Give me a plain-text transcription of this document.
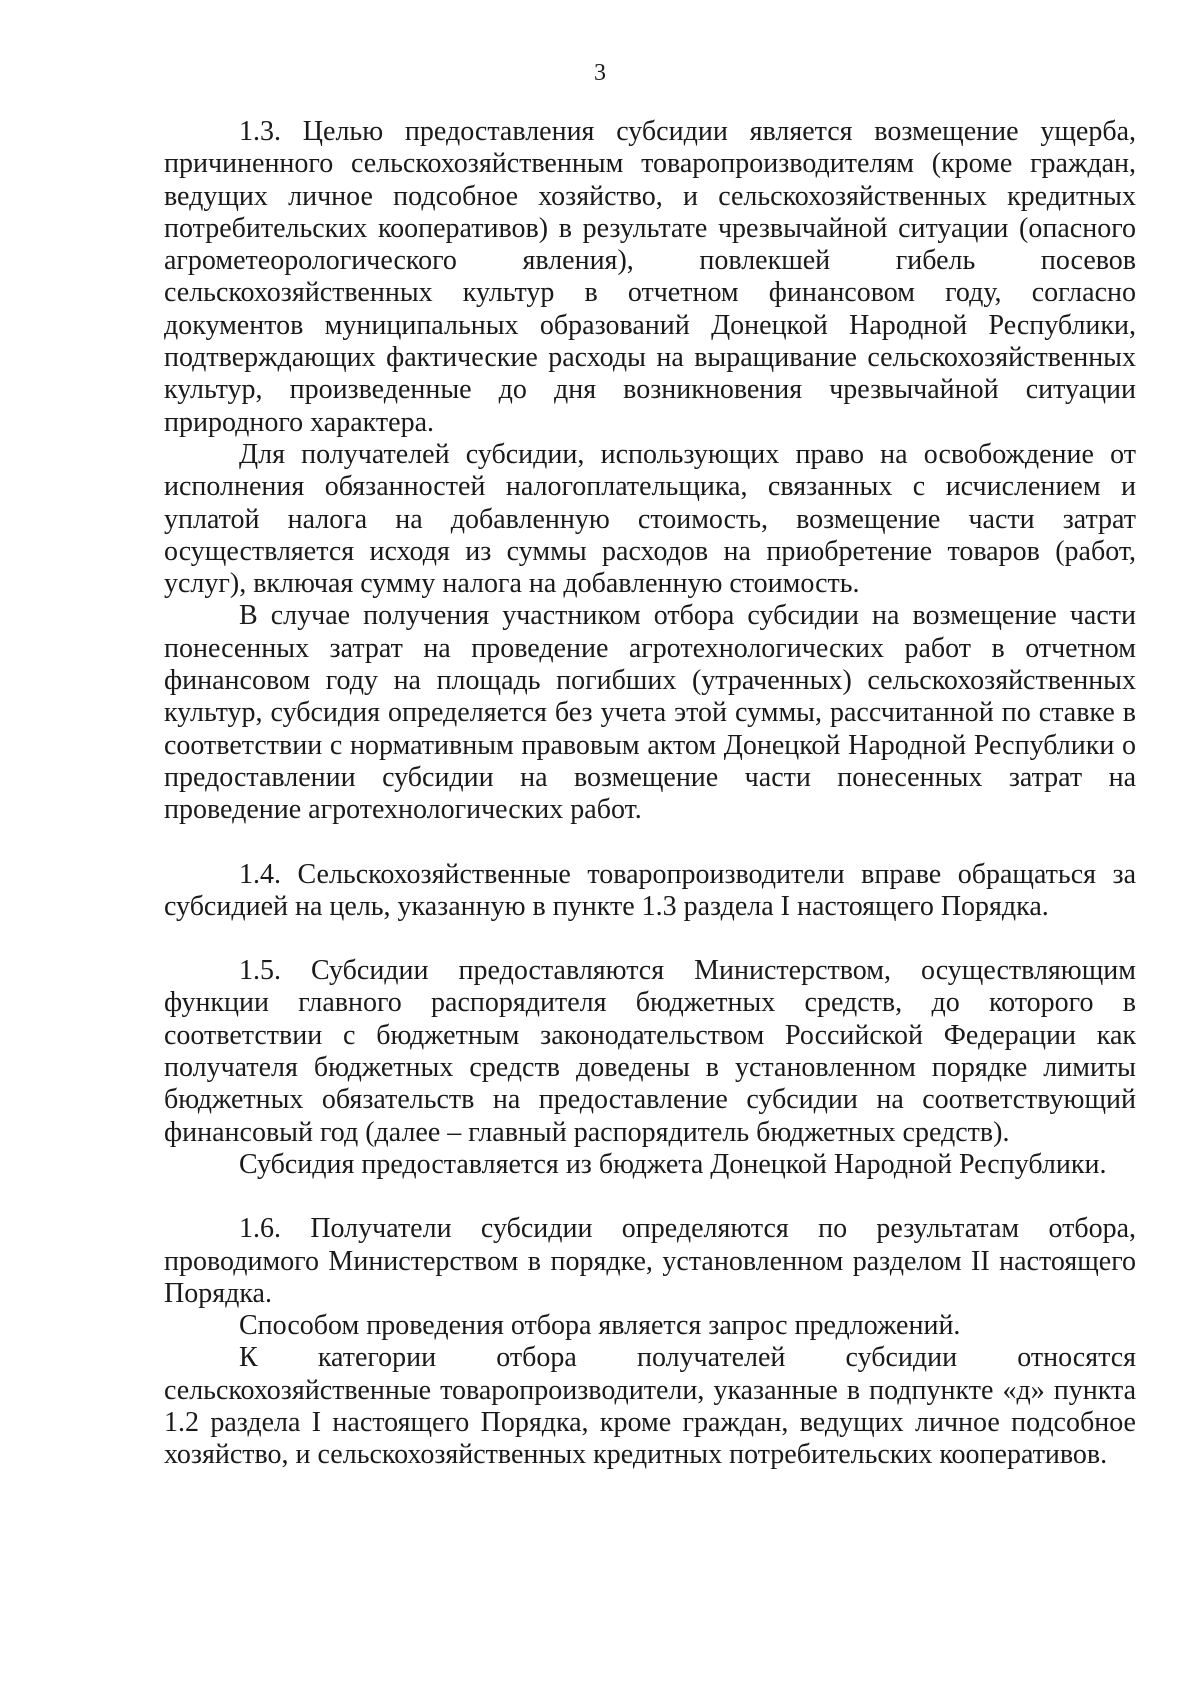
3

1.3. Целью предоставления субсидии является возмещение ущерба, причиненного сельскохозяйственным товаропроизводителям (кроме граждан, ведущих личное подсобное хозяйство, и сельскохозяйственных кредитных потребительских кооперативов) в результате чрезвычайной ситуации (опасного агрометеорологического явления), повлекшей гибель посевов сельскохозяйственных культур в отчетном финансовом году, согласно документов муниципальных образований Донецкой Народной Республики, подтверждающих фактические расходы на выращивание сельскохозяйственных культур, произведенные до дня возникновения чрезвычайной ситуации природного характера.

Для получателей субсидии, использующих право на освобождение от исполнения обязанностей налогоплательщика, связанных с исчислением и уплатой налога на добавленную стоимость, возмещение части затрат осуществляется исходя из суммы расходов на приобретение товаров (работ, услуг), включая сумму налога на добавленную стоимость.

В случае получения участником отбора субсидии на возмещение части понесенных затрат на проведение агротехнологических работ в отчетном финансовом году на площадь погибших (утраченных) сельскохозяйственных культур, субсидия определяется без учета этой суммы, рассчитанной по ставке в соответствии с нормативным правовым актом Донецкой Народной Республики о предоставлении субсидии на возмещение части понесенных затрат на проведение агротехнологических работ.

1.4. Сельскохозяйственные товаропроизводители вправе обращаться за субсидией на цель, указанную в пункте 1.3 раздела I настоящего Порядка.

1.5. Субсидии предоставляются Министерством, осуществляющим функции главного распорядителя бюджетных средств, до которого в соответствии с бюджетным законодательством Российской Федерации как получателя бюджетных средств доведены в установленном порядке лимиты бюджетных обязательств на предоставление субсидии на соответствующий финансовый год (далее – главный распорядитель бюджетных средств).

Субсидия предоставляется из бюджета Донецкой Народной Республики.

1.6. Получатели субсидии определяются по результатам отбора, проводимого Министерством в порядке, установленном разделом II настоящего Порядка.

Способом проведения отбора является запрос предложений.

К категории отбора получателей субсидии относятся сельскохозяйственные товаропроизводители, указанные в подпункте «д» пункта 1.2 раздела I настоящего Порядка, кроме граждан, ведущих личное подсобное хозяйство, и сельскохозяйственных кредитных потребительских кооперативов.
